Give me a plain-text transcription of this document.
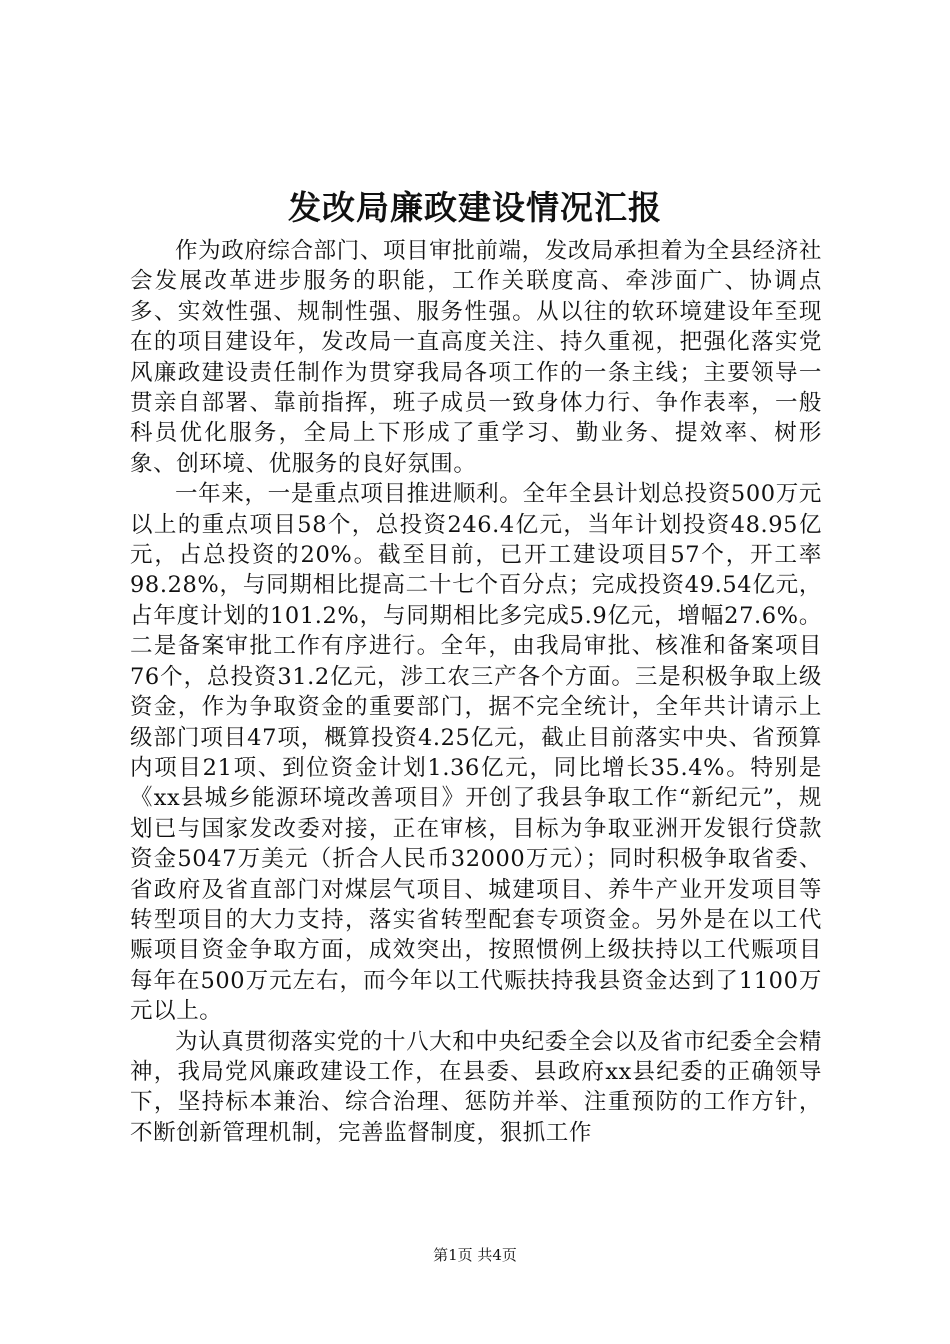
发改局廉政建设情况汇报

作为政府综合部门、项目审批前端，发改局承担着为全县经济社会发展改革进步服务的职能，工作关联度高、牵涉面广、协调点多、实效性强、规制性强、服务性强。从以往的软环境建设年至现在的项目建设年，发改局一直高度关注、持久重视，把强化落实党风廉政建设责任制作为贯穿我局各项工作的一条主线；主要领导一贯亲自部署、靠前指挥，班子成员一致身体力行、争作表率，一般科员优化服务，全局上下形成了重学习、勤业务、提效率、树形象、创环境、优服务的良好氛围。

一年来，一是重点项目推进顺利。全年全县计划总投资500万元以上的重点项目58个，总投资246.4亿元，当年计划投资48.95亿元，占总投资的20%。截至目前，已开工建设项目57个，开工率98.28%，与同期相比提高二十七个百分点；完成投资49.54亿元，占年度计划的101.2%，与同期相比多完成5.9亿元，增幅27.6%。二是备案审批工作有序进行。全年，由我局审批、核准和备案项目76个，总投资31.2亿元，涉工农三产各个方面。三是积极争取上级资金，作为争取资金的重要部门，据不完全统计，全年共计请示上级部门项目47项，概算投资4.25亿元，截止目前落实中央、省预算内项目21项、到位资金计划1.36亿元，同比增长35.4%。特别是《xx县城乡能源环境改善项目》开创了我县争取工作“新纪元”，规划已与国家发改委对接，正在审核，目标为争取亚洲开发银行贷款资金5047万美元（折合人民币32000万元）；同时积极争取省委、省政府及省直部门对煤层气项目、城建项目、养牛产业开发项目等转型项目的大力支持，落实省转型配套专项资金。另外是在以工代赈项目资金争取方面，成效突出，按照惯例上级扶持以工代赈项目每年在500万元左右，而今年以工代赈扶持我县资金达到了1100万元以上。

为认真贯彻落实党的十八大和中央纪委全会以及省市纪委全会精神，我局党风廉政建设工作，在县委、县政府xx县纪委的正确领导下，坚持标本兼治、综合治理、惩防并举、注重预防的工作方针，不断创新管理机制，完善监督制度，狠抓工作

第1页 共4页
